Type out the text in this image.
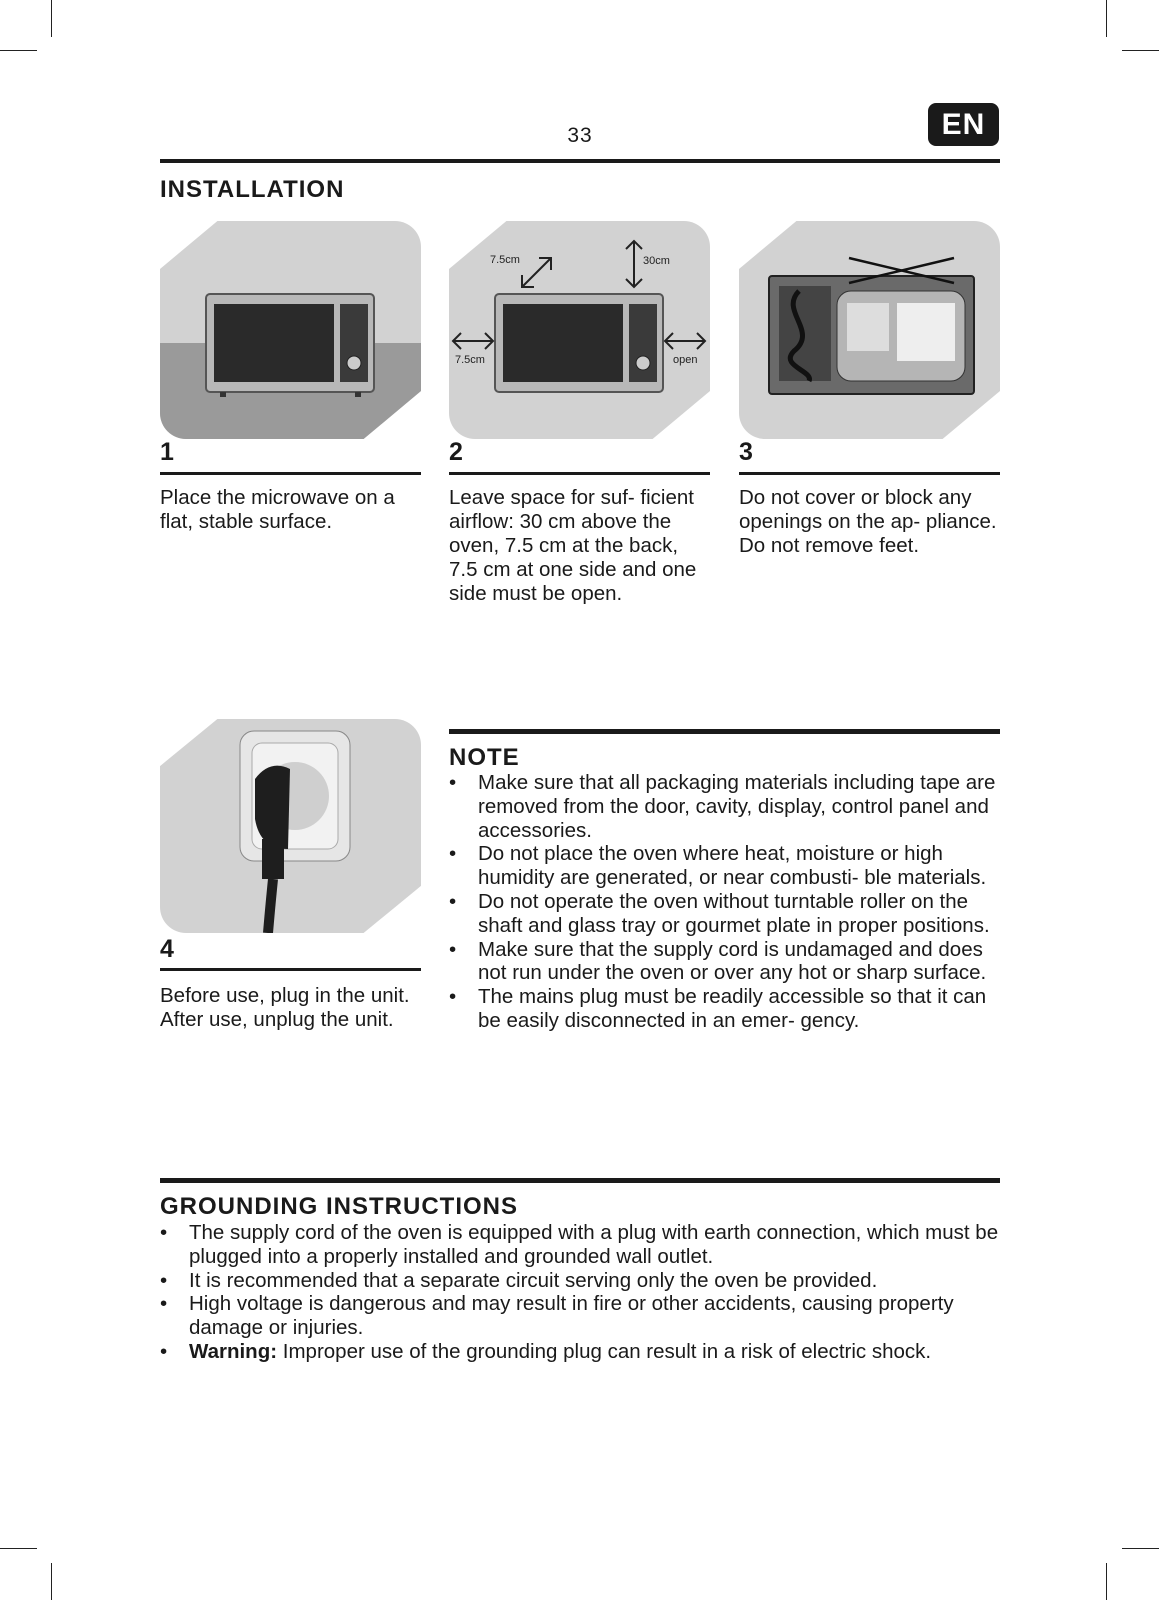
33	EN
INSTALLATION
7.5cm	30cm
7.5cm	open
1	2	3
Place the microwave on a flat, stable surface.
Leave space for suf- ficient airflow: 30 cm above the oven, 7.5 cm at the back, 7.5 cm at one side and one side must be open.
Do not cover or block any openings on the ap- pliance. Do not remove feet.
4
Before use, plug in the unit. After use, unplug the unit.
NOTE
• Make sure that all packaging materials including tape are removed from the door, cavity, display, control panel and accessories.
• Do not place the oven where heat, moisture or high humidity are generated, or near combusti- ble materials.
• Do not operate the oven without turntable roller on the shaft and glass tray or gourmet plate in proper positions.
• Make sure that the supply cord is undamaged and does not run under the oven or over any hot or sharp surface.
• The mains plug must be readily accessible so that it can be easily disconnected in an emer- gency.
GROUNDING INSTRUCTIONS
• The supply cord of the oven is equipped with a plug with earth connection, which must be plugged into a properly installed and grounded wall outlet.
• It is recommended that a separate circuit serving only the oven be provided.
• High voltage is dangerous and may result in fire or other accidents, causing property damage or injuries.
• Warning: Improper use of the grounding plug can result in a risk of electric shock.
